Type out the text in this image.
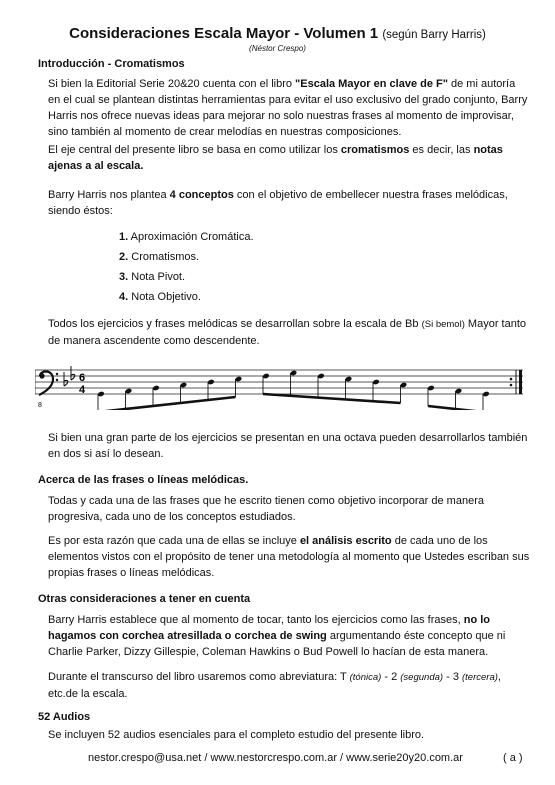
Consideraciones Escala Mayor - Volumen 1 (según Barry Harris)
(Néstor Crespo)
Introducción - Cromatismos
Si bien la Editorial Serie 20&20 cuenta con el libro "Escala Mayor en clave de F" de mi autoría en el cual se plantean distintas herramientas para evitar el uso exclusivo del grado conjunto, Barry Harris nos ofrece nuevas ideas para mejorar no solo nuestras frases al momento de improvisar, sino también al momento de crear melodías en nuestras composiciones.
El eje central del presente libro se basa en como utilizar los cromatismos es decir, las notas ajenas a al escala.
Barry Harris nos plantea 4 conceptos con el objetivo de embellecer nuestra frases melódicas, siendo éstos:
1. Aproximación Cromática.
2. Cromatismos.
3. Nota Pivot.
4. Nota Objetivo.
Todos los ejercicios y frases melódicas se desarrollan sobre la escala de Bb (Si bemol) Mayor tanto de manera ascendente como descendente.
8
6
4
Si bien una gran parte de los ejercicios se presentan en una octava pueden desarrollarlos también en dos si así lo desean.
Acerca de las frases o líneas melódicas.
Todas y cada una de las frases que he escrito tienen como objetivo incorporar de manera progresiva, cada uno de los conceptos estudiados.
Es por esta razón que cada una de ellas se incluye el análisis escrito de cada uno de los elementos vistos con el propósito de tener una metodología al momento que Ustedes escriban sus propias frases o líneas melódicas.
Otras consideraciones a tener en cuenta
Barry Harris establece que al momento de tocar, tanto los ejercicios como las frases, no lo hagamos con corchea atresillada o corchea de swing argumentando éste concepto que ni Charlie Parker, Dizzy Gillespie, Coleman Hawkins o Bud Powell lo hacían de esta manera.
Durante el transcurso del libro usaremos como abreviatura: T (tónica) - 2 (segunda) - 3 (tercera), etc.de la escala.
52 Audios
Se incluyen 52 audios esenciales para el completo estudio del presente libro.
nestor.crespo@usa.net / www.nestorcrespo.com.ar / www.serie20y20.com.ar	( a )
